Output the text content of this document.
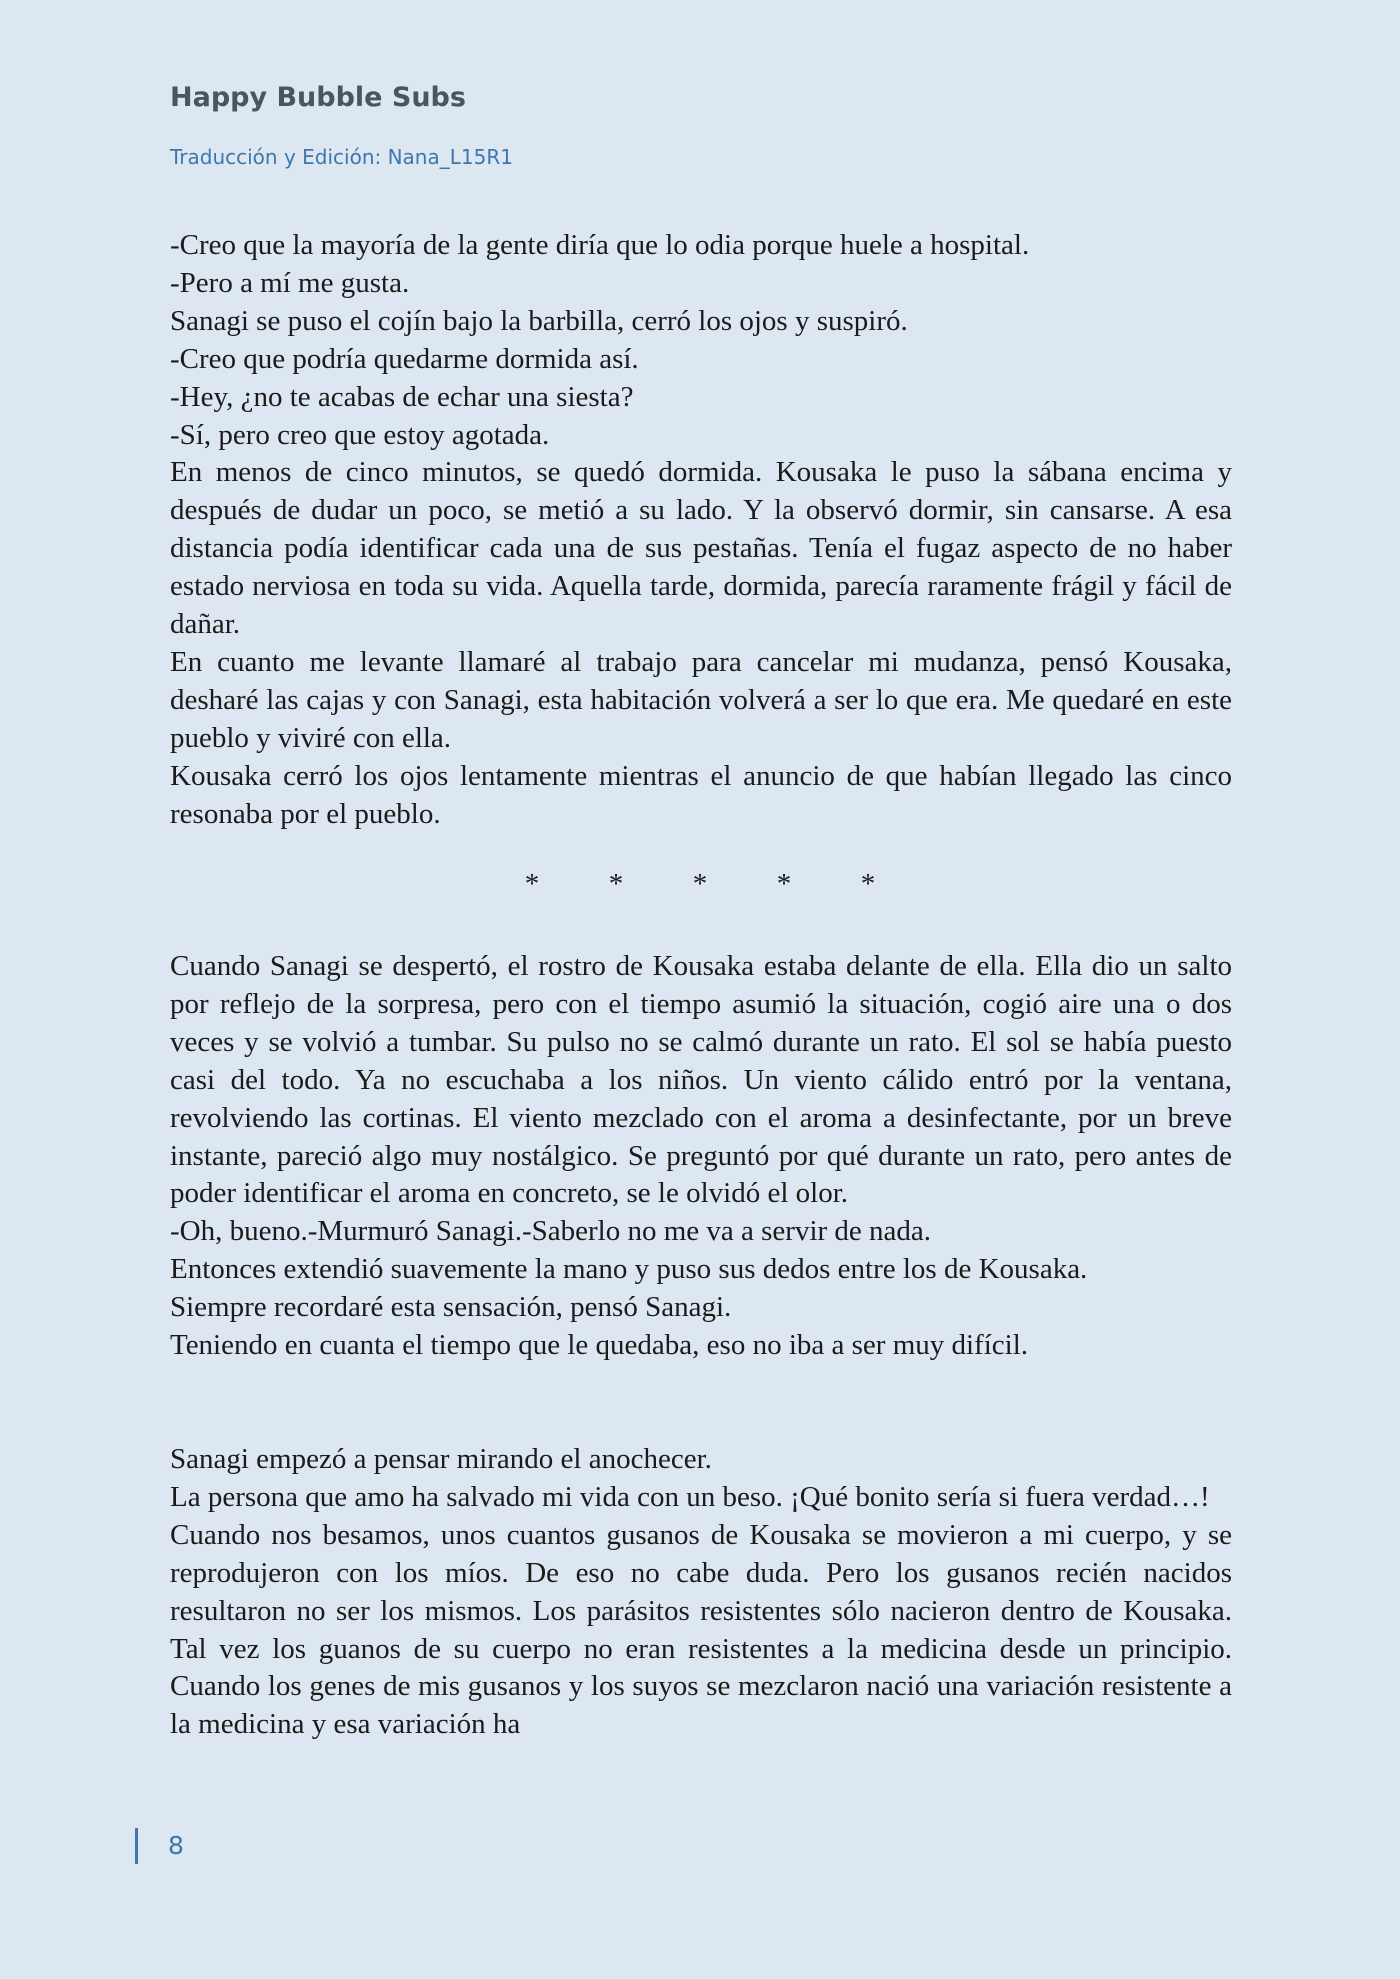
Happy Bubble Subs
Traducción y Edición: Nana_L15R1

-Creo que la mayoría de la gente diría que lo odia porque huele a hospital.

-Pero a mí me gusta.

Sanagi se puso el cojín bajo la barbilla, cerró los ojos y suspiró.

-Creo que podría quedarme dormida así.

-Hey, ¿no te acabas de echar una siesta?

-Sí, pero creo que estoy agotada.

En menos de cinco minutos, se quedó dormida. Kousaka le puso la sábana encima y después de dudar un poco, se metió a su lado. Y la observó dormir, sin cansarse. A esa distancia podía identificar cada una de sus pestañas. Tenía el fugaz aspecto de no haber estado nerviosa en toda su vida. Aquella tarde, dormida, parecía raramente frágil y fácil de dañar.

En cuanto me levante llamaré al trabajo para cancelar mi mudanza, pensó Kousaka, desharé las cajas y con Sanagi, esta habitación volverá a ser lo que era. Me quedaré en este pueblo y viviré con ella.

Kousaka cerró los ojos lentamente mientras el anuncio de que habían llegado las cinco resonaba por el pueblo.

* * * * *

Cuando Sanagi se despertó, el rostro de Kousaka estaba delante de ella. Ella dio un salto por reflejo de la sorpresa, pero con el tiempo asumió la situación, cogió aire una o dos veces y se volvió a tumbar. Su pulso no se calmó durante un rato. El sol se había puesto casi del todo. Ya no escuchaba a los niños. Un viento cálido entró por la ventana, revolviendo las cortinas. El viento mezclado con el aroma a desinfectante, por un breve instante, pareció algo muy nostálgico. Se preguntó por qué durante un rato, pero antes de poder identificar el aroma en concreto, se le olvidó el olor.

-Oh, bueno.-Murmuró Sanagi.-Saberlo no me va a servir de nada.

Entonces extendió suavemente la mano y puso sus dedos entre los de Kousaka.

Siempre recordaré esta sensación, pensó Sanagi.

Teniendo en cuanta el tiempo que le quedaba, eso no iba a ser muy difícil.

Sanagi empezó a pensar mirando el anochecer.

La persona que amo ha salvado mi vida con un beso. ¡Qué bonito sería si fuera verdad…!

Cuando nos besamos, unos cuantos gusanos de Kousaka se movieron a mi cuerpo, y se reprodujeron con los míos. De eso no cabe duda. Pero los gusanos recién nacidos resultaron no ser los mismos. Los parásitos resistentes sólo nacieron dentro de Kousaka. Tal vez los guanos de su cuerpo no eran resistentes a la medicina desde un principio. Cuando los genes de mis gusanos y los suyos se mezclaron nació una variación resistente a la medicina y esa variación ha

8
